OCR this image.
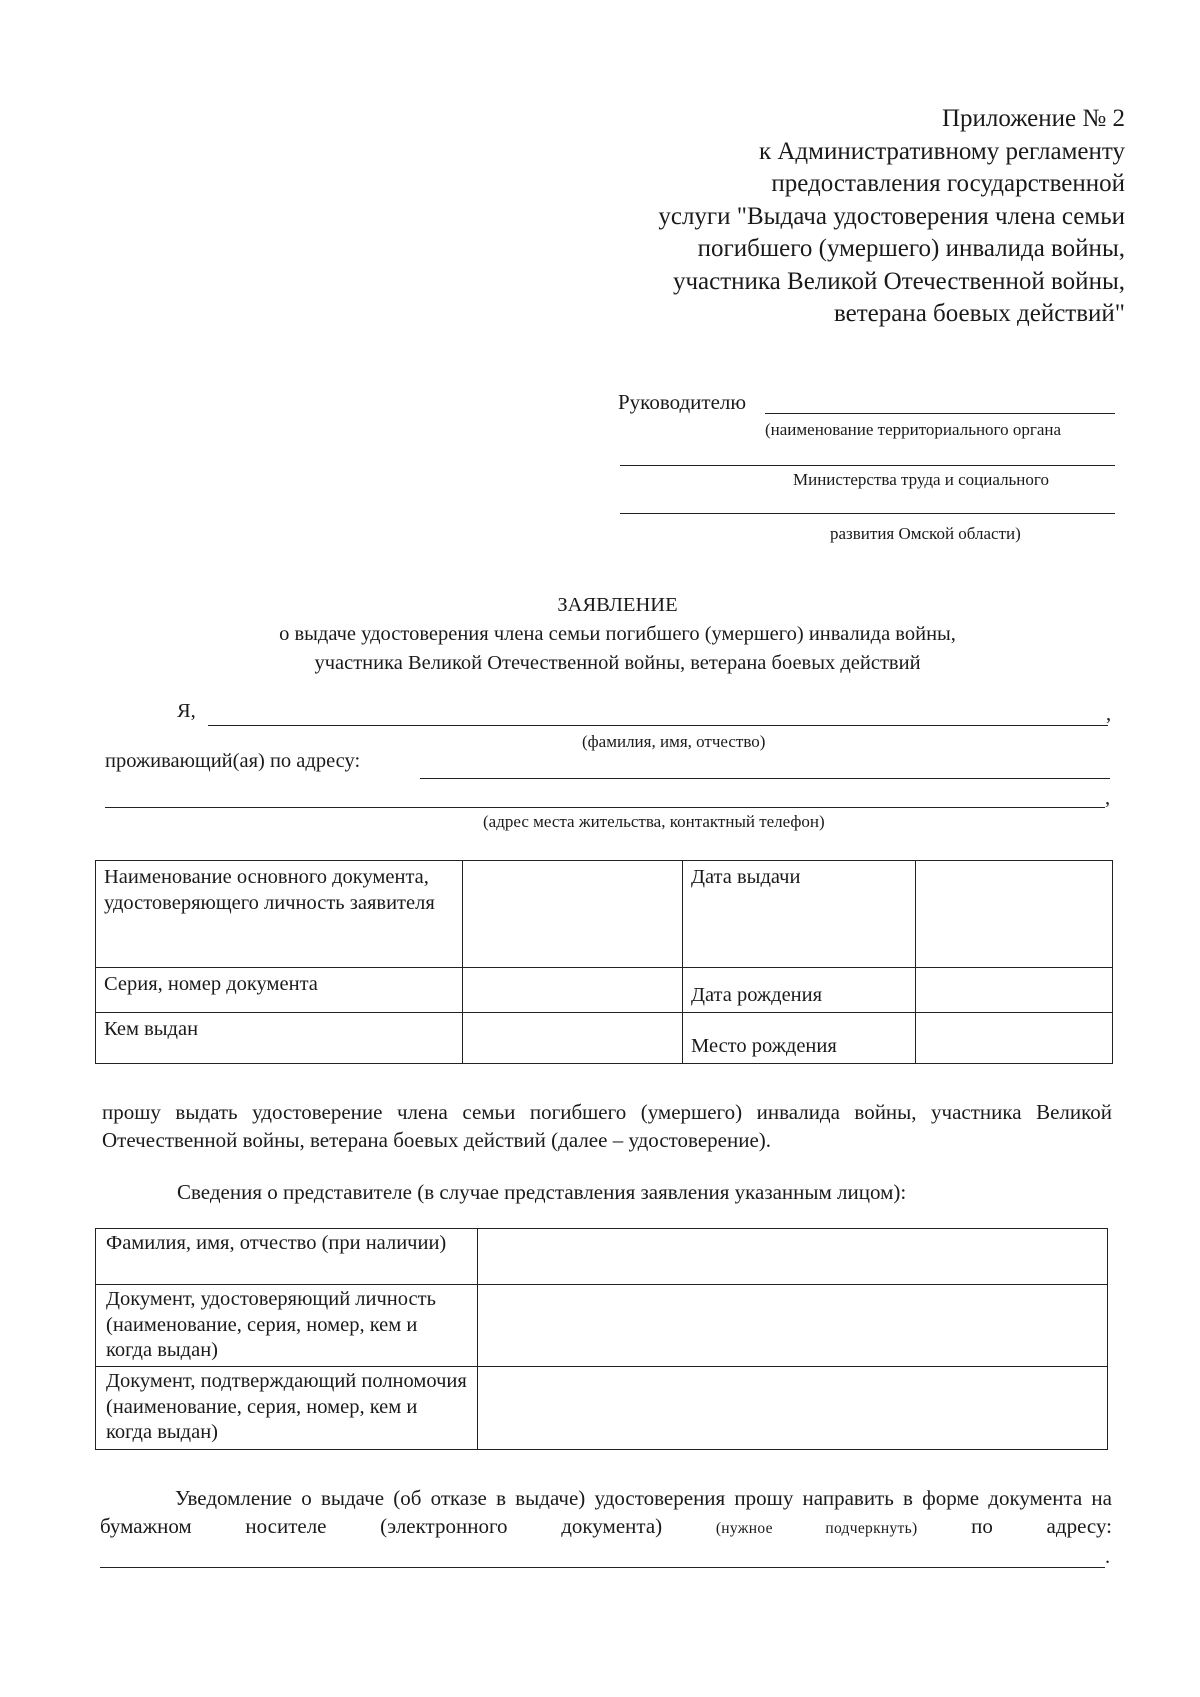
Приложение № 2
к Административному регламенту
предоставления государственной
услуги "Выдача удостоверения члена семьи
погибшего (умершего) инвалида войны,
участника Великой Отечественной войны,
ветерана боевых действий"
Руководителю
(наименование территориального органа
Министерства труда и социального
развития Омской области)
ЗАЯВЛЕНИЕ
о выдаче удостоверения члена семьи погибшего (умершего) инвалида войны,
участника Великой Отечественной войны, ветерана боевых действий
Я,	,
(фамилия, имя, отчество)
проживающий(ая) по адресу:
,
(адрес места жительства, контактный телефон)
Наименование основного документа, удостоверяющего личность заявителя		Дата выдачи	
Серия, номер документа		Дата рождения	
Кем выдан		Место рождения	
прошу выдать удостоверение члена семьи погибшего (умершего) инвалида войны, участника Великой Отечественной войны, ветерана боевых действий (далее – удостоверение).
Сведения о представителе (в случае представления заявления указанным лицом):
Фамилия, имя, отчество (при наличии)	
Документ, удостоверяющий личность (наименование, серия, номер, кем и когда выдан)	
Документ, подтверждающий полномочия (наименование, серия, номер, кем и когда выдан)	
Уведомление о выдаче (об отказе в выдаче) удостоверения прошу направить в форме документа на бумажном носителе (электронного документа)	(нужное подчеркнуть)	по адресу:
.
